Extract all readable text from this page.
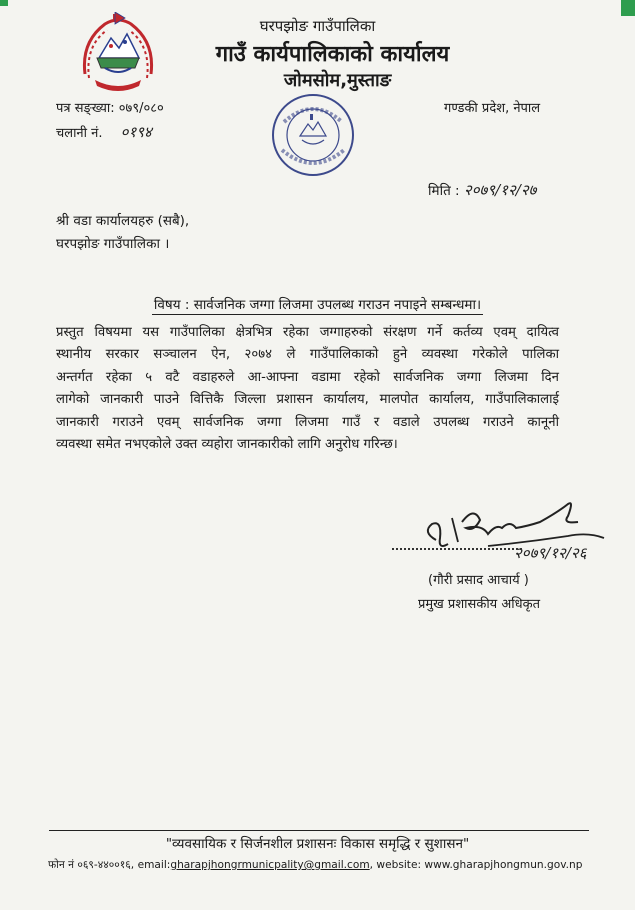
घरपझोङ गाउँपालिका
गाउँ कार्यपालिकाको कार्यालय
जोमसोम,मुस्ताङ
पत्र सङ्ख्या: ०७९/०८०
चलानी नं. ०१९४
गण्डकी प्रदेश, नेपाल
मिति : २०७९/१२/२७
श्री वडा कार्यालयहरु (सबै),
घरपझोङ गाउँपालिका ।
विषय : सार्वजनिक जग्गा लिजमा उपलब्ध गराउन नपाइने सम्बन्धमा।
प्रस्तुत विषयमा यस गाउँपालिका क्षेत्रभित्र रहेका जग्गाहरुको संरक्षण गर्ने कर्तव्य एवम् दायित्व
स्थानीय सरकार सञ्चालन ऐन, २०७४ ले गाउँपालिकाको हुने व्यवस्था गरेकोले पालिका
अन्तर्गत रहेका ५ वटै वडाहरुले आ-आफ्ना वडामा रहेको सार्वजनिक जग्गा लिजमा दिन
लागेको जानकारी पाउने वित्तिकै जिल्ला प्रशासन कार्यालय, मालपोत कार्यालय, गाउँपालिकालाई
जानकारी गराउने एवम् सार्वजनिक जग्गा लिजमा गाउँ र वडाले उपलब्ध गराउने कानूनी
व्यवस्था समेत नभएकोले उक्त व्यहोरा जानकारीको लागि अनुरोध गरिन्छ।
२०७९/१२/२६
(गौरी प्रसाद आचार्य )
प्रमुख प्रशासकीय अधिकृत
"व्यवसायिक र सिर्जनशील प्रशासनः विकास समृद्धि र सुशासन"
फोन नं ०६९-४४००१६, email:gharapjhongrmunicpality@gmail.com, website: www.gharapjhongmun.gov.np
